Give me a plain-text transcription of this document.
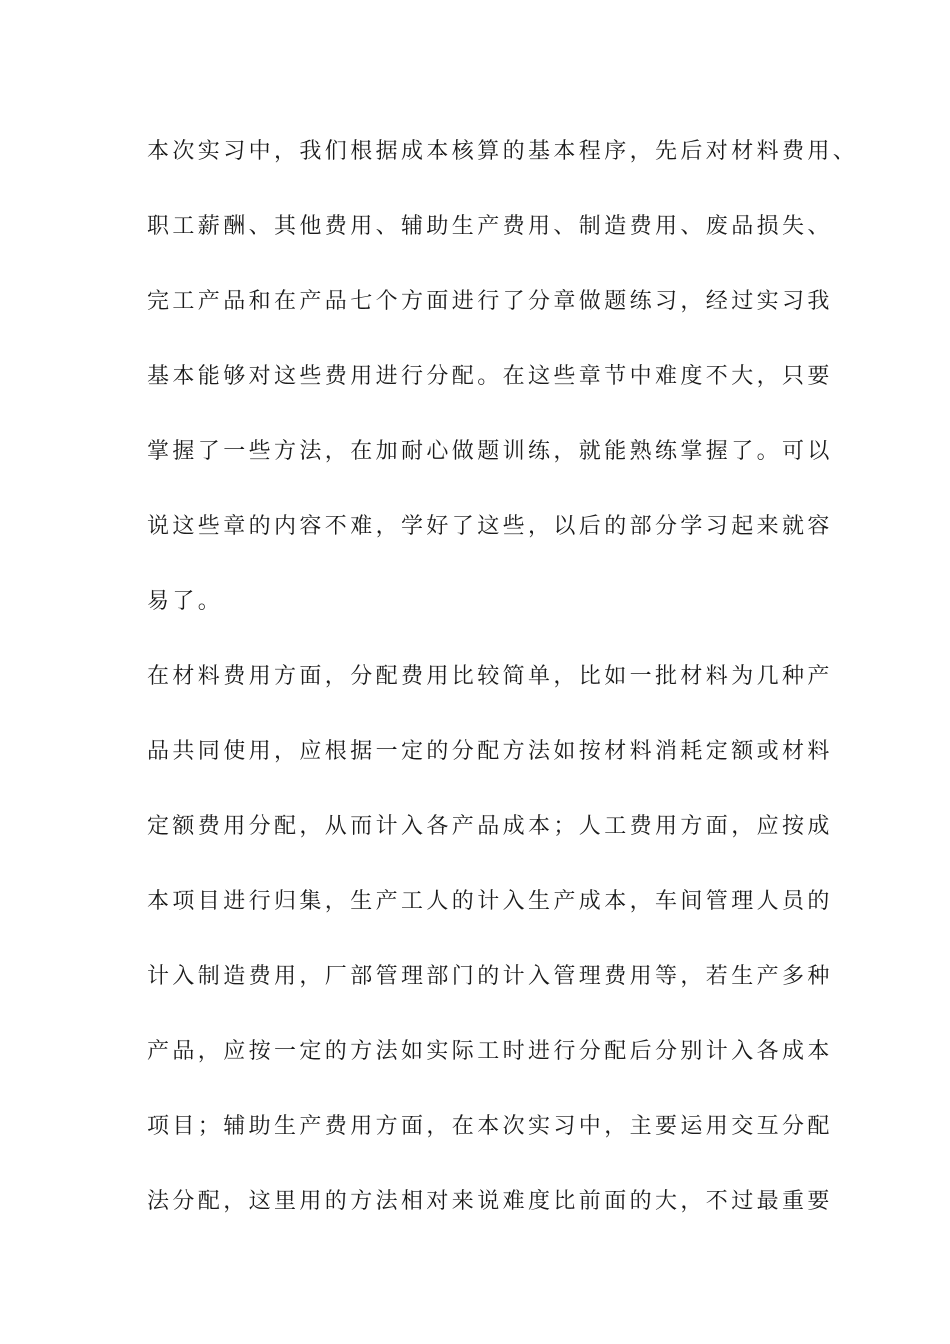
本次实习中，我们根据成本核算的基本程序，先后对材料费用、
职工薪酬、其他费用、辅助生产费用、制造费用、废品损失、
完工产品和在产品七个方面进行了分章做题练习，经过实习我
基本能够对这些费用进行分配。在这些章节中难度不大，只要
掌握了一些方法，在加耐心做题训练，就能熟练掌握了。可以
说这些章的内容不难，学好了这些，以后的部分学习起来就容
易了。
在材料费用方面，分配费用比较简单，比如一批材料为几种产
品共同使用，应根据一定的分配方法如按材料消耗定额或材料
定额费用分配，从而计入各产品成本；人工费用方面，应按成
本项目进行归集，生产工人的计入生产成本，车间管理人员的
计入制造费用，厂部管理部门的计入管理费用等，若生产多种
产品，应按一定的方法如实际工时进行分配后分别计入各成本
项目；辅助生产费用方面，在本次实习中，主要运用交互分配
法分配，这里用的方法相对来说难度比前面的大，不过最重要
